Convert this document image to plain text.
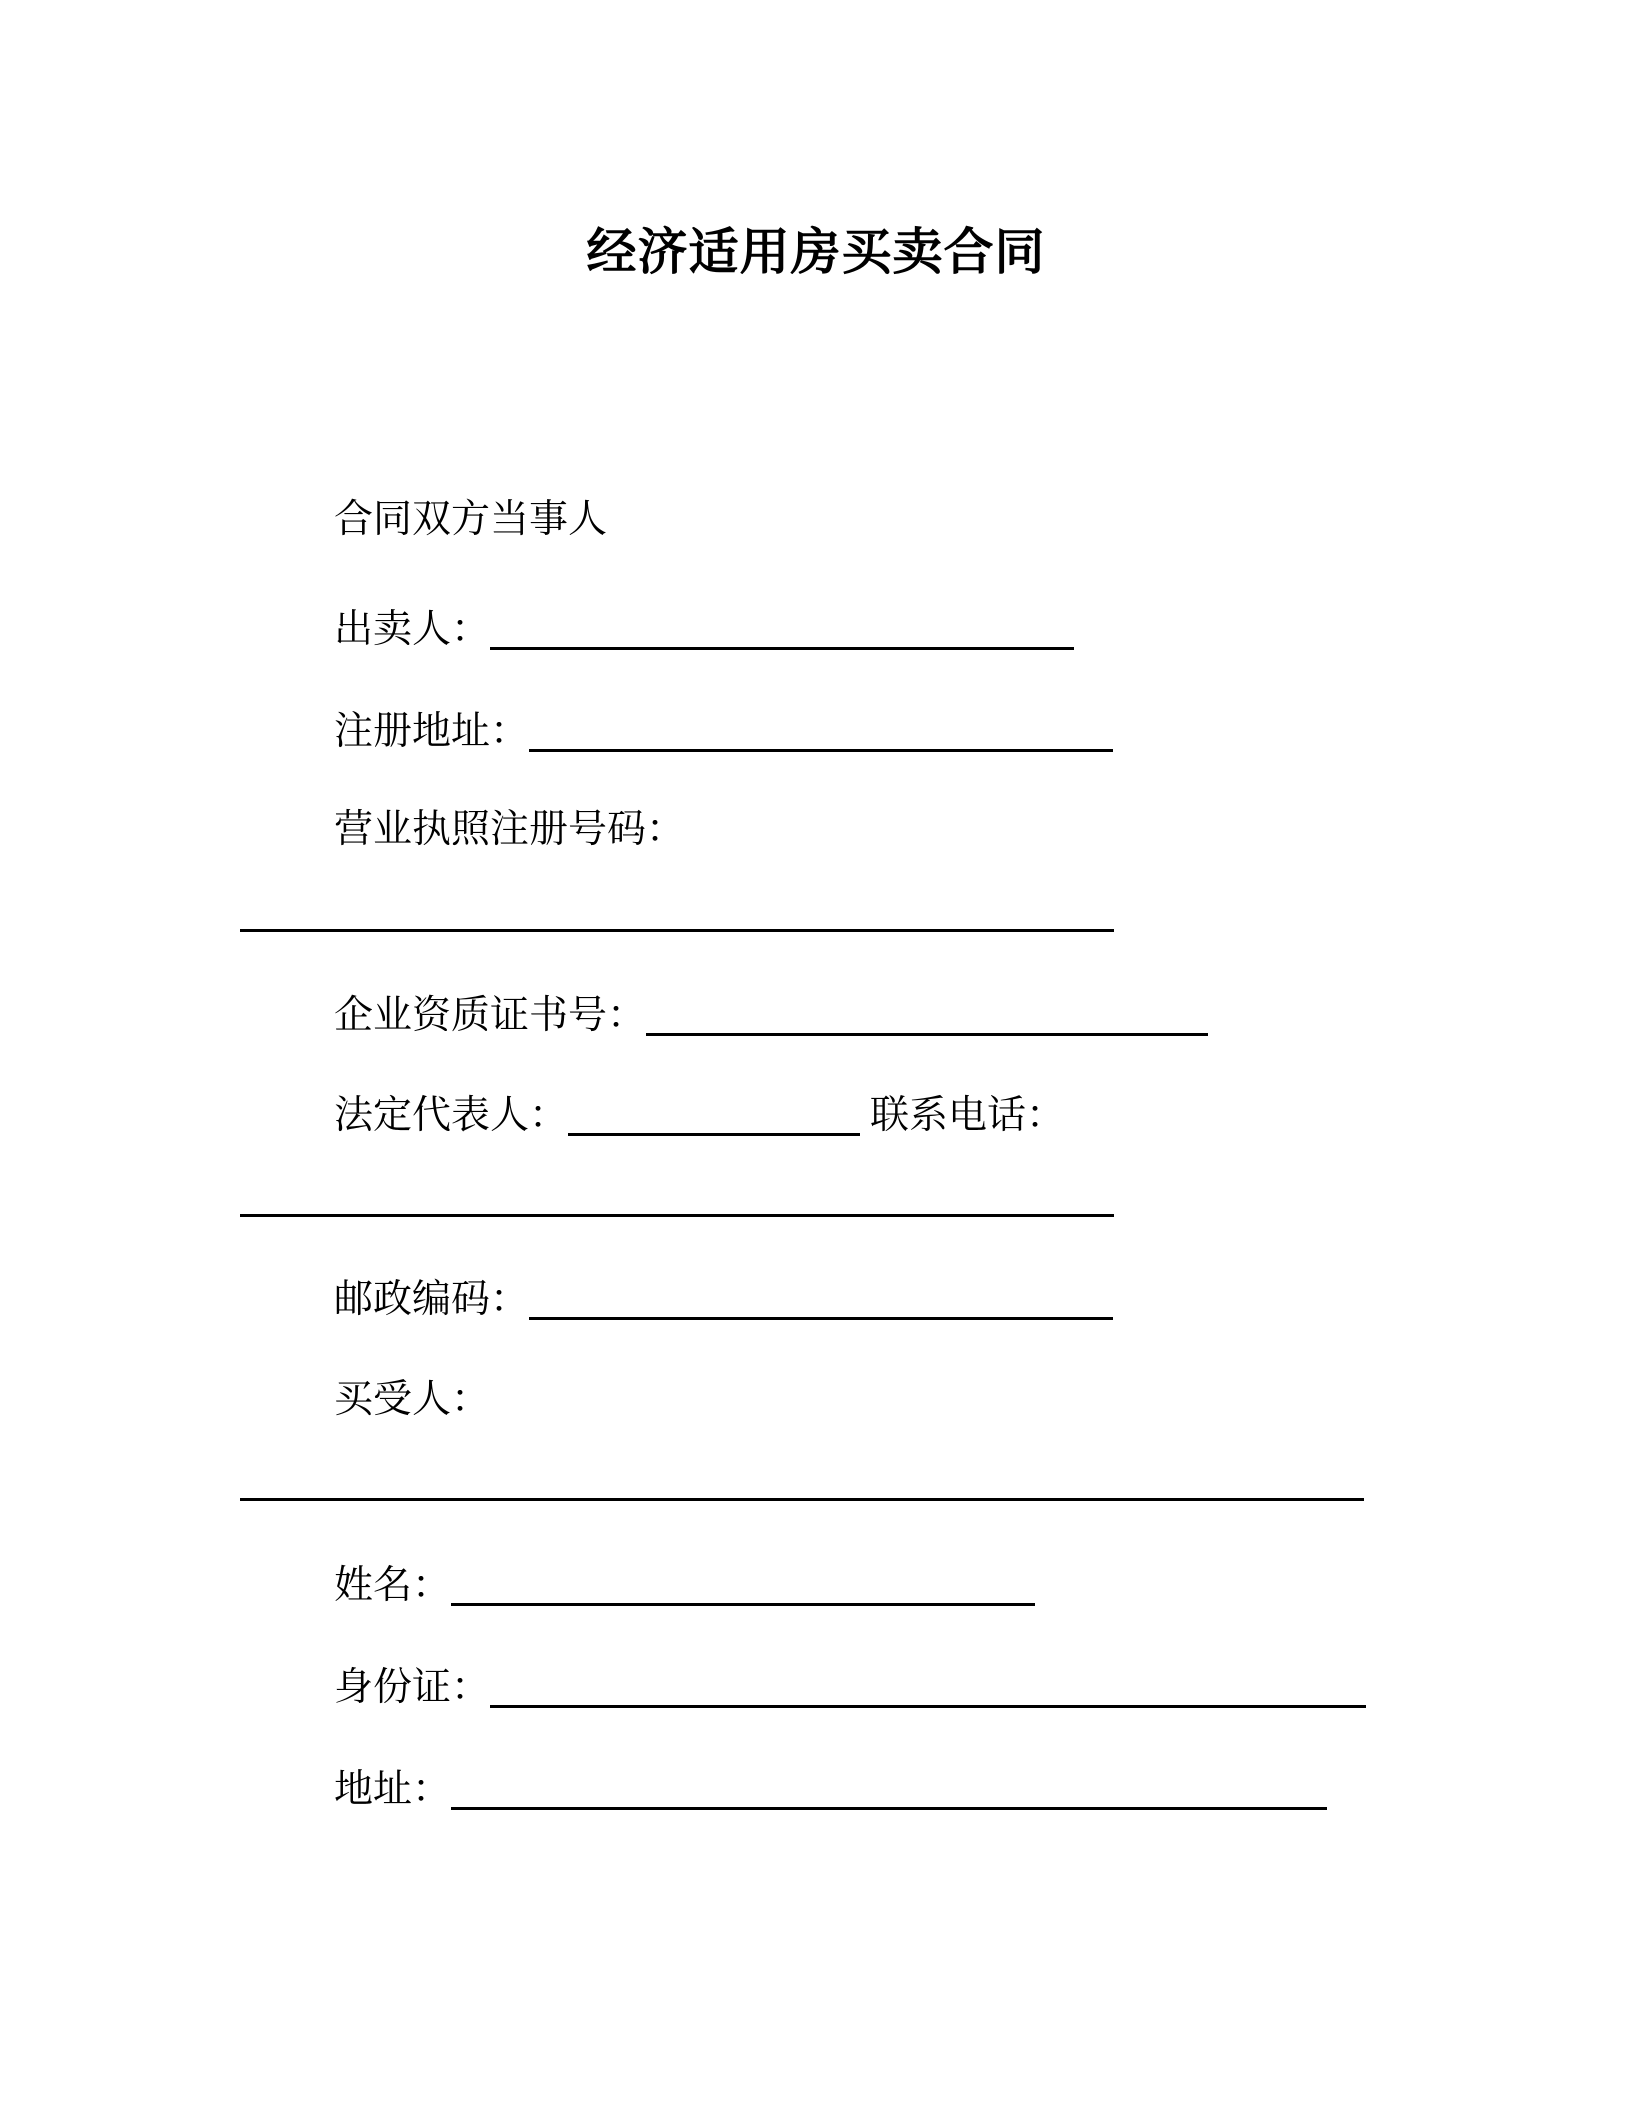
经济适用房买卖合同
合同双方当事人
出卖人：
注册地址：
营业执照注册号码：
企业资质证书号：
法定代表人：	联系电话：
邮政编码：
买受人：
姓名：
身份证：
地址：
